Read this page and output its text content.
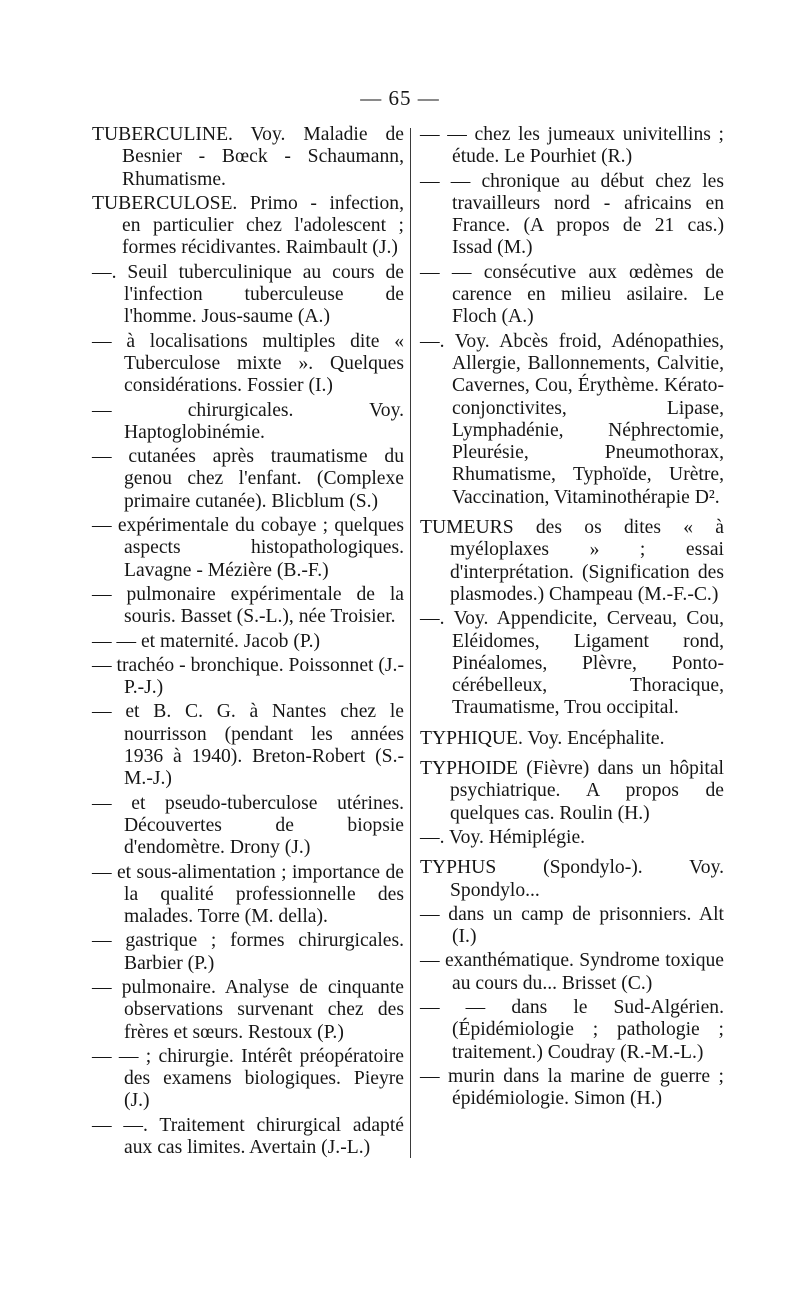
— 65 —

TUBERCULINE. Voy. Maladie de Besnier - Bœck - Schaumann, Rhumatisme.

TUBERCULOSE. Primo - infection, en particulier chez l'adolescent ; formes récidivantes. Raimbault (J.)

—. Seuil tuberculinique au cours de l'infection tuberculeuse de l'homme. Jous-saume (A.)

— à localisations multiples dite « Tuberculose mixte ». Quelques considérations. Fossier (I.)

— chirurgicales. Voy. Haptoglobinémie.

— cutanées après traumatisme du genou chez l'enfant. (Complexe primaire cutanée). Blicblum (S.)

— expérimentale du cobaye ; quelques aspects histopathologiques. Lavagne - Mézière (B.-F.)

— pulmonaire expérimentale de la souris. Basset (S.-L.), née Troisier.

— — et maternité. Jacob (P.)

— trachéo - bronchique. Poissonnet (J.-P.-J.)

— et B. C. G. à Nantes chez le nourrisson (pendant les années 1936 à 1940). Breton-Robert (S.-M.-J.)

— et pseudo-tuberculose utérines. Découvertes de biopsie d'endomètre. Drony (J.)

— et sous-alimentation ; importance de la qualité professionnelle des malades. Torre (M. della).

— gastrique ; formes chirurgicales. Barbier (P.)

— pulmonaire. Analyse de cinquante observations survenant chez des frères et sœurs. Restoux (P.)

— — ; chirurgie. Intérêt préopératoire des examens biologiques. Pieyre (J.)

— —. Traitement chirurgical adapté aux cas limites. Avertain (J.-L.)

— — chez les jumeaux univitellins ; étude. Le Pourhiet (R.)

— — chronique au début chez les travailleurs nord - africains en France. (A propos de 21 cas.) Issad (M.)

— — consécutive aux œdèmes de carence en milieu asilaire. Le Floch (A.)

—. Voy. Abcès froid, Adénopathies, Allergie, Ballonnements, Calvitie, Cavernes, Cou, Érythème. Kérato-conjonctivites, Lipase, Lymphadénie, Néphrectomie, Pleurésie, Pneumothorax, Rhumatisme, Typhoïde, Urètre, Vaccination, Vitaminothérapie D².

TUMEURS des os dites « à myéloplaxes » ; essai d'interprétation. (Signification des plasmodes.) Champeau (M.-F.-C.)

—. Voy. Appendicite, Cerveau, Cou, Eléidomes, Ligament rond, Pinéalomes, Plèvre, Ponto-cérébelleux, Thoracique, Traumatisme, Trou occipital.

TYPHIQUE. Voy. Encéphalite.

TYPHOIDE (Fièvre) dans un hôpital psychiatrique. A propos de quelques cas. Roulin (H.)

—. Voy. Hémiplégie.

TYPHUS (Spondylo-). Voy. Spondylo...

— dans un camp de prisonniers. Alt (I.)

— exanthématique. Syndrome toxique au cours du... Brisset (C.)

— — dans le Sud-Algérien. (Épidémiologie ; pathologie ; traitement.) Coudray (R.-M.-L.)

— murin dans la marine de guerre ; épidémiologie. Simon (H.)
